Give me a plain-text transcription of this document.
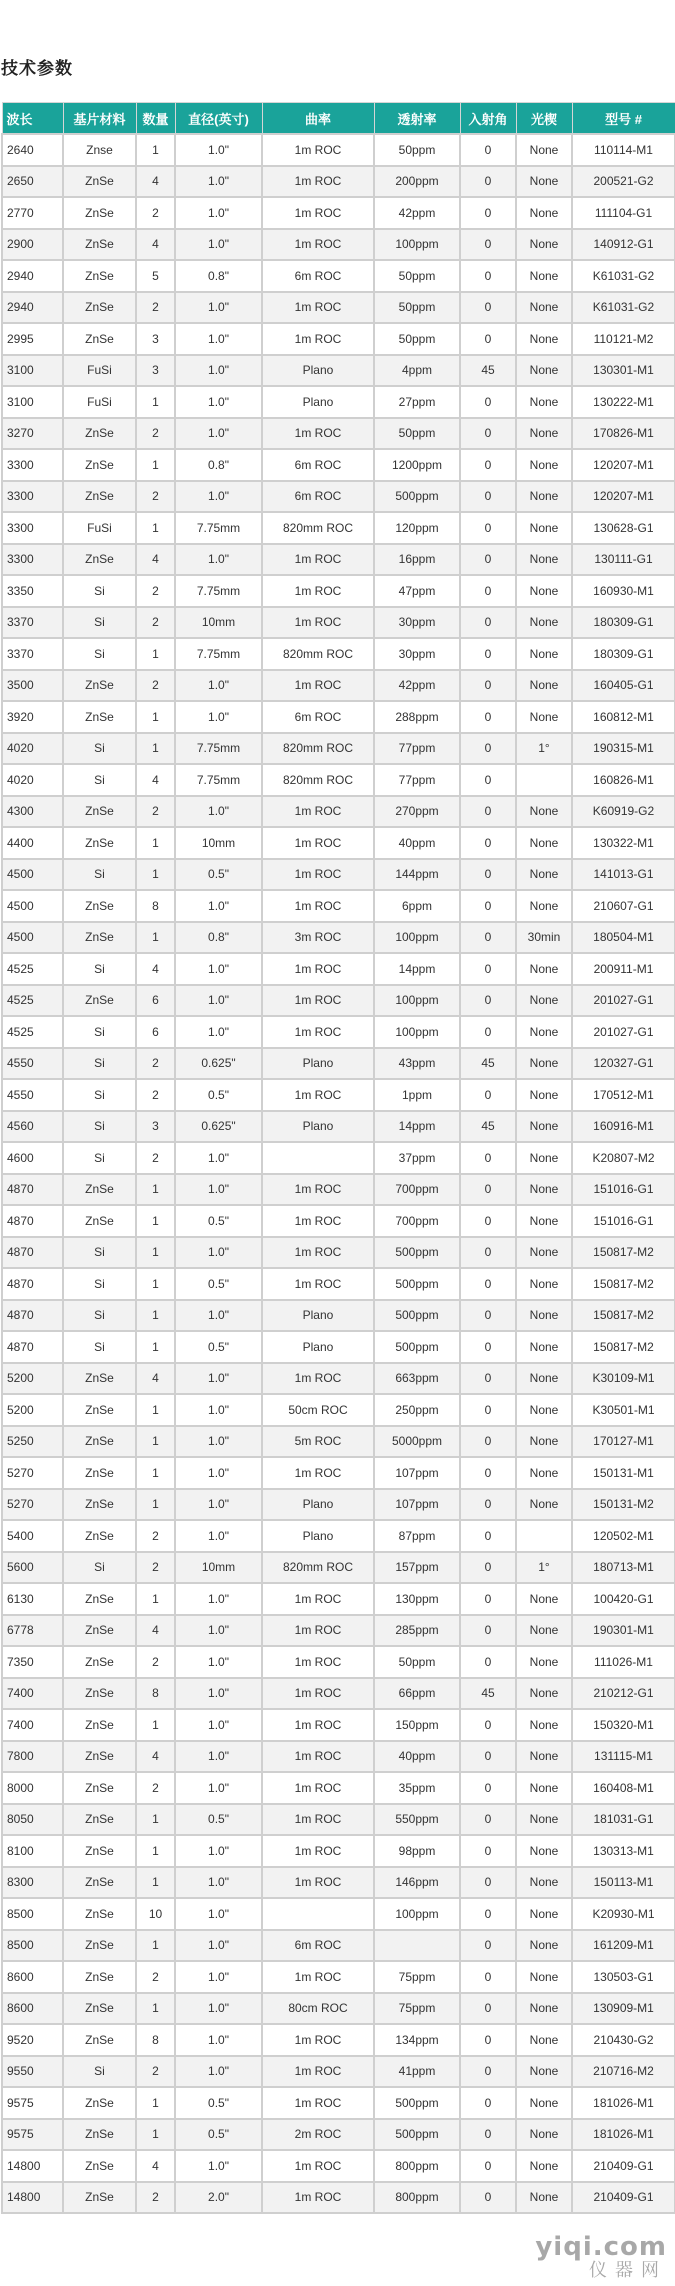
技术参数
波长	基片材料	数量	直径(英寸)	曲率	透射率	入射角	光楔	型号 #
2640	Znse	1	1.0"	1m ROC	50ppm	0	None	110114-M1
2650	ZnSe	4	1.0"	1m ROC	200ppm	0	None	200521-G2
2770	ZnSe	2	1.0"	1m ROC	42ppm	0	None	111104-G1
2900	ZnSe	4	1.0"	1m ROC	100ppm	0	None	140912-G1
2940	ZnSe	5	0.8"	6m ROC	50ppm	0	None	K61031-G2
2940	ZnSe	2	1.0"	1m ROC	50ppm	0	None	K61031-G2
2995	ZnSe	3	1.0"	1m ROC	50ppm	0	None	110121-M2
3100	FuSi	3	1.0"	Plano	4ppm	45	None	130301-M1
3100	FuSi	1	1.0"	Plano	27ppm	0	None	130222-M1
3270	ZnSe	2	1.0"	1m ROC	50ppm	0	None	170826-M1
3300	ZnSe	1	0.8"	6m ROC	1200ppm	0	None	120207-M1
3300	ZnSe	2	1.0"	6m ROC	500ppm	0	None	120207-M1
3300	FuSi	1	7.75mm	820mm ROC	120ppm	0	None	130628-G1
3300	ZnSe	4	1.0"	1m ROC	16ppm	0	None	130111-G1
3350	Si	2	7.75mm	1m ROC	47ppm	0	None	160930-M1
3370	Si	2	10mm	1m ROC	30ppm	0	None	180309-G1
3370	Si	1	7.75mm	820mm ROC	30ppm	0	None	180309-G1
3500	ZnSe	2	1.0"	1m ROC	42ppm	0	None	160405-G1
3920	ZnSe	1	1.0"	6m ROC	288ppm	0	None	160812-M1
4020	Si	1	7.75mm	820mm ROC	77ppm	0	1°	190315-M1
4020	Si	4	7.75mm	820mm ROC	77ppm	0		160826-M1
4300	ZnSe	2	1.0"	1m ROC	270ppm	0	None	K60919-G2
4400	ZnSe	1	10mm	1m ROC	40ppm	0	None	130322-M1
4500	Si	1	0.5"	1m ROC	144ppm	0	None	141013-G1
4500	ZnSe	8	1.0"	1m ROC	6ppm	0	None	210607-G1
4500	ZnSe	1	0.8"	3m ROC	100ppm	0	30min	180504-M1
4525	Si	4	1.0"	1m ROC	14ppm	0	None	200911-M1
4525	ZnSe	6	1.0"	1m ROC	100ppm	0	None	201027-G1
4525	Si	6	1.0"	1m ROC	100ppm	0	None	201027-G1
4550	Si	2	0.625"	Plano	43ppm	45	None	120327-G1
4550	Si	2	0.5"	1m ROC	1ppm	0	None	170512-M1
4560	Si	3	0.625"	Plano	14ppm	45	None	160916-M1
4600	Si	2	1.0"		37ppm	0	None	K20807-M2
4870	ZnSe	1	1.0"	1m ROC	700ppm	0	None	151016-G1
4870	ZnSe	1	0.5"	1m ROC	700ppm	0	None	151016-G1
4870	Si	1	1.0"	1m ROC	500ppm	0	None	150817-M2
4870	Si	1	0.5"	1m ROC	500ppm	0	None	150817-M2
4870	Si	1	1.0"	Plano	500ppm	0	None	150817-M2
4870	Si	1	0.5"	Plano	500ppm	0	None	150817-M2
5200	ZnSe	4	1.0"	1m ROC	663ppm	0	None	K30109-M1
5200	ZnSe	1	1.0"	50cm ROC	250ppm	0	None	K30501-M1
5250	ZnSe	1	1.0"	5m ROC	5000ppm	0	None	170127-M1
5270	ZnSe	1	1.0"	1m ROC	107ppm	0	None	150131-M1
5270	ZnSe	1	1.0"	Plano	107ppm	0	None	150131-M2
5400	ZnSe	2	1.0"	Plano	87ppm	0		120502-M1
5600	Si	2	10mm	820mm ROC	157ppm	0	1°	180713-M1
6130	ZnSe	1	1.0"	1m ROC	130ppm	0	None	100420-G1
6778	ZnSe	4	1.0"	1m ROC	285ppm	0	None	190301-M1
7350	ZnSe	2	1.0"	1m ROC	50ppm	0	None	111026-M1
7400	ZnSe	8	1.0"	1m ROC	66ppm	45	None	210212-G1
7400	ZnSe	1	1.0"	1m ROC	150ppm	0	None	150320-M1
7800	ZnSe	4	1.0"	1m ROC	40ppm	0	None	131115-M1
8000	ZnSe	2	1.0"	1m ROC	35ppm	0	None	160408-M1
8050	ZnSe	1	0.5"	1m ROC	550ppm	0	None	181031-G1
8100	ZnSe	1	1.0"	1m ROC	98ppm	0	None	130313-M1
8300	ZnSe	1	1.0"	1m ROC	146ppm	0	None	150113-M1
8500	ZnSe	10	1.0"		100ppm	0	None	K20930-M1
8500	ZnSe	1	1.0"	6m ROC		0	None	161209-M1
8600	ZnSe	2	1.0"	1m ROC	75ppm	0	None	130503-G1
8600	ZnSe	1	1.0"	80cm ROC	75ppm	0	None	130909-M1
9520	ZnSe	8	1.0"	1m ROC	134ppm	0	None	210430-G2
9550	Si	2	1.0"	1m ROC	41ppm	0	None	210716-M2
9575	ZnSe	1	0.5"	1m ROC	500ppm	0	None	181026-M1
9575	ZnSe	1	0.5"	2m ROC	500ppm	0	None	181026-M1
14800	ZnSe	4	1.0"	1m ROC	800ppm	0	None	210409-G1
14800	ZnSe	2	2.0"	1m ROC	800ppm	0	None	210409-G1
yiqi.com
仪器网
